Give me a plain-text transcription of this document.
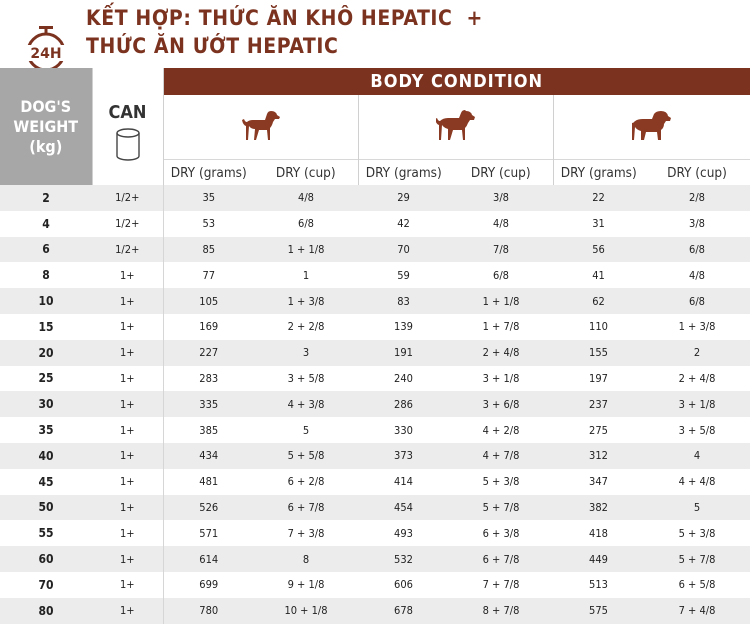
24H
KẾT HỢP: THỨC ĂN KHÔ HEPATIC +
THỨC ĂN ƯỚT HEPATIC
DOG'S
WEIGHT
(kg)	CAN	BODY CONDITION					

		DRY (grams)	DRY (cup)	DRY (grams)	DRY (cup)	DRY (grams)	DRY (cup)
2	1/2+	35	4/8	29	3/8	22	2/8
4	1/2+	53	6/8	42	4/8	31	3/8
6	1/2+	85	1 + 1/8	70	7/8	56	6/8
8	1+	77	1	59	6/8	41	4/8
10	1+	105	1 + 3/8	83	1 + 1/8	62	6/8
15	1+	169	2 + 2/8	139	1 + 7/8	110	1 + 3/8
20	1+	227	3	191	2 + 4/8	155	2
25	1+	283	3 + 5/8	240	3 + 1/8	197	2 + 4/8
30	1+	335	4 + 3/8	286	3 + 6/8	237	3 + 1/8
35	1+	385	5	330	4 + 2/8	275	3 + 5/8
40	1+	434	5 + 5/8	373	4 + 7/8	312	4
45	1+	481	6 + 2/8	414	5 + 3/8	347	4 + 4/8
50	1+	526	6 + 7/8	454	5 + 7/8	382	5
55	1+	571	7 + 3/8	493	6 + 3/8	418	5 + 3/8
60	1+	614	8	532	6 + 7/8	449	5 + 7/8
70	1+	699	9 + 1/8	606	7 + 7/8	513	6 + 5/8
80	1+	780	10 + 1/8	678	8 + 7/8	575	7 + 4/8
